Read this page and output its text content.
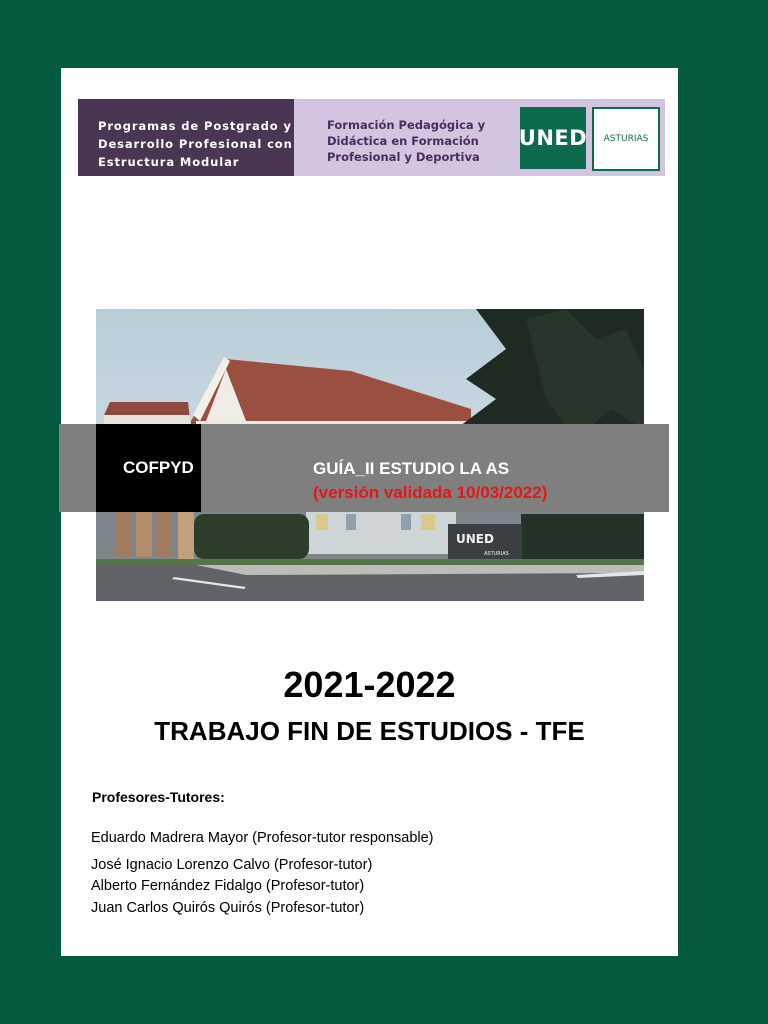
Programas de Postgrado y
Desarrollo Profesional con
Estructura Modular
Formación Pedagógica y
Didáctica en Formación
Profesional y Deportiva
UNED	ASTURIAS
UNED
ASTURIAS
COFPYD	GUÍA_II ESTUDIO LA AS
(versión validada 10/03/2022)
2021-2022
TRABAJO FIN DE ESTUDIOS - TFE
Profesores-Tutores:
Eduardo Madrera Mayor (Profesor-tutor responsable)
José Ignacio Lorenzo Calvo (Profesor-tutor)
Alberto Fernández Fidalgo (Profesor-tutor)
Juan Carlos Quirós Quirós (Profesor-tutor)
